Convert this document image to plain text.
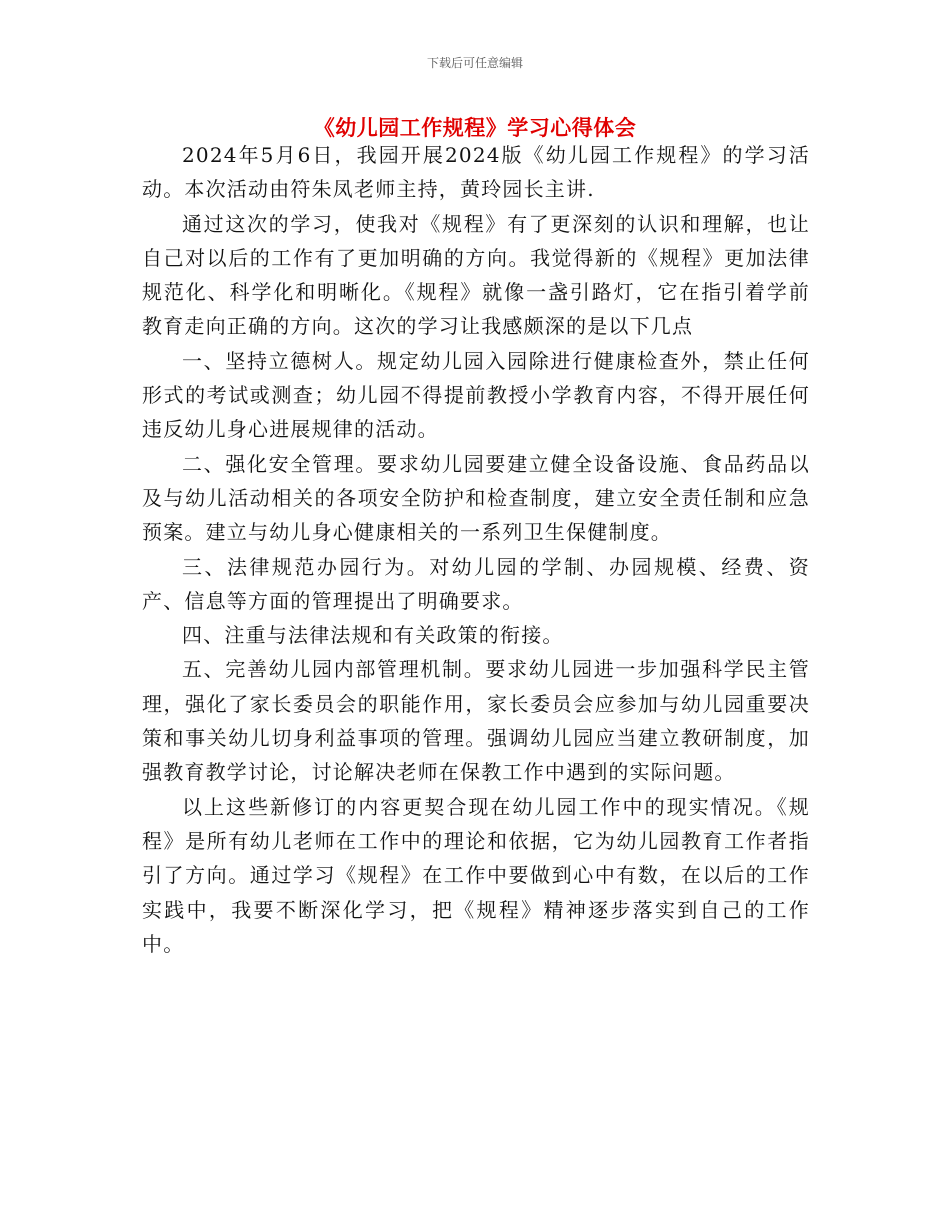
下载后可任意编辑
《幼儿园工作规程》学习心得体会

2024年5月6日，我园开展2024版《幼儿园工作规程》的学习活动。本次活动由符朱凤老师主持，黄玲园长主讲.

通过这次的学习，使我对《规程》有了更深刻的认识和理解，也让自己对以后的工作有了更加明确的方向。我觉得新的《规程》更加法律规范化、科学化和明晰化。《规程》就像一盏引路灯，它在指引着学前教育走向正确的方向。这次的学习让我感颇深的是以下几点

一、坚持立德树人。规定幼儿园入园除进行健康检查外，禁止任何形式的考试或测查；幼儿园不得提前教授小学教育内容，不得开展任何违反幼儿身心进展规律的活动。

二、强化安全管理。要求幼儿园要建立健全设备设施、食品药品以及与幼儿活动相关的各项安全防护和检查制度，建立安全责任制和应急预案。建立与幼儿身心健康相关的一系列卫生保健制度。

三、法律规范办园行为。对幼儿园的学制、办园规模、经费、资产、信息等方面的管理提出了明确要求。

四、注重与法律法规和有关政策的衔接。

五、完善幼儿园内部管理机制。要求幼儿园进一步加强科学民主管理，强化了家长委员会的职能作用，家长委员会应参加与幼儿园重要决策和事关幼儿切身利益事项的管理。强调幼儿园应当建立教研制度，加强教育教学讨论，讨论解决老师在保教工作中遇到的实际问题。

以上这些新修订的内容更契合现在幼儿园工作中的现实情况。《规程》是所有幼儿老师在工作中的理论和依据，它为幼儿园教育工作者指引了方向。通过学习《规程》在工作中要做到心中有数，在以后的工作实践中，我要不断深化学习，把《规程》精神逐步落实到自己的工作中。
